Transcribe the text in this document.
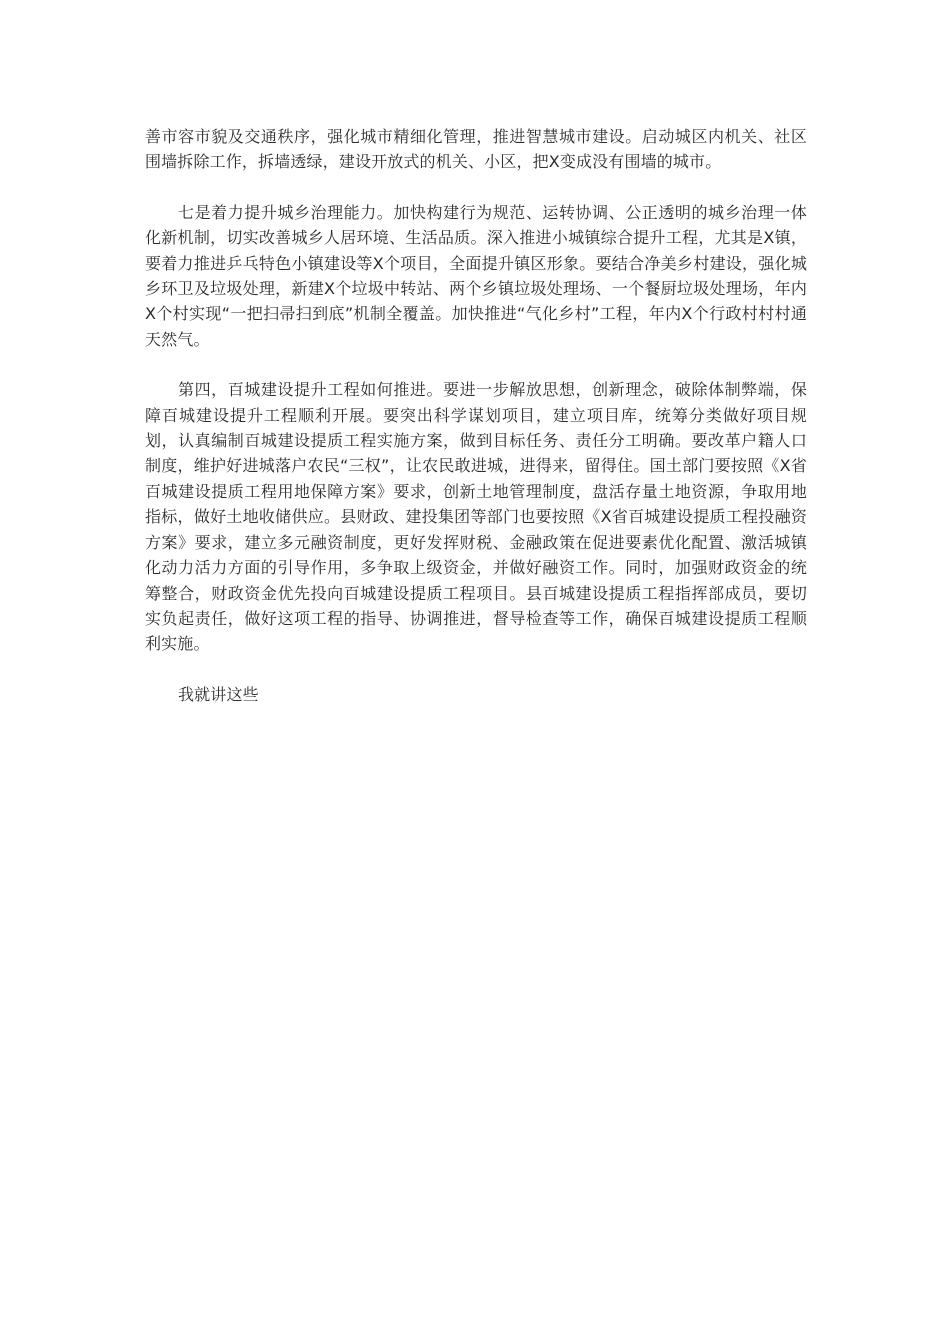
善市容市貌及交通秩序，强化城市精细化管理，推进智慧城市建设。启动城区内机关、社区围墙拆除工作，拆墙透绿，建设开放式的机关、小区，把X变成没有围墙的城市。

七是着力提升城乡治理能力。加快构建行为规范、运转协调、公正透明的城乡治理一体化新机制，切实改善城乡人居环境、生活品质。深入推进小城镇综合提升工程，尤其是X镇，要着力推进乒乓特色小镇建设等X个项目，全面提升镇区形象。要结合净美乡村建设，强化城乡环卫及垃圾处理，新建X个垃圾中转站、两个乡镇垃圾处理场、一个餐厨垃圾处理场，年内X个村实现“一把扫帚扫到底”机制全覆盖。加快推进“气化乡村”工程，年内X个行政村村村通天然气。

第四，百城建设提升工程如何推进。要进一步解放思想，创新理念，破除体制弊端，保障百城建设提升工程顺利开展。要突出科学谋划项目，建立项目库，统筹分类做好项目规划，认真编制百城建设提质工程实施方案，做到目标任务、责任分工明确。要改革户籍人口制度，维护好进城落户农民“三权”，让农民敢进城，进得来，留得住。国土部门要按照《X省百城建设提质工程用地保障方案》要求，创新土地管理制度，盘活存量土地资源，争取用地指标，做好土地收储供应。县财政、建投集团等部门也要按照《X省百城建设提质工程投融资方案》要求，建立多元融资制度，更好发挥财税、金融政策在促进要素优化配置、激活城镇化动力活力方面的引导作用，多争取上级资金，并做好融资工作。同时，加强财政资金的统筹整合，财政资金优先投向百城建设提质工程项目。县百城建设提质工程指挥部成员，要切实负起责任，做好这项工程的指导、协调推进，督导检查等工作，确保百城建设提质工程顺利实施。

我就讲这些
